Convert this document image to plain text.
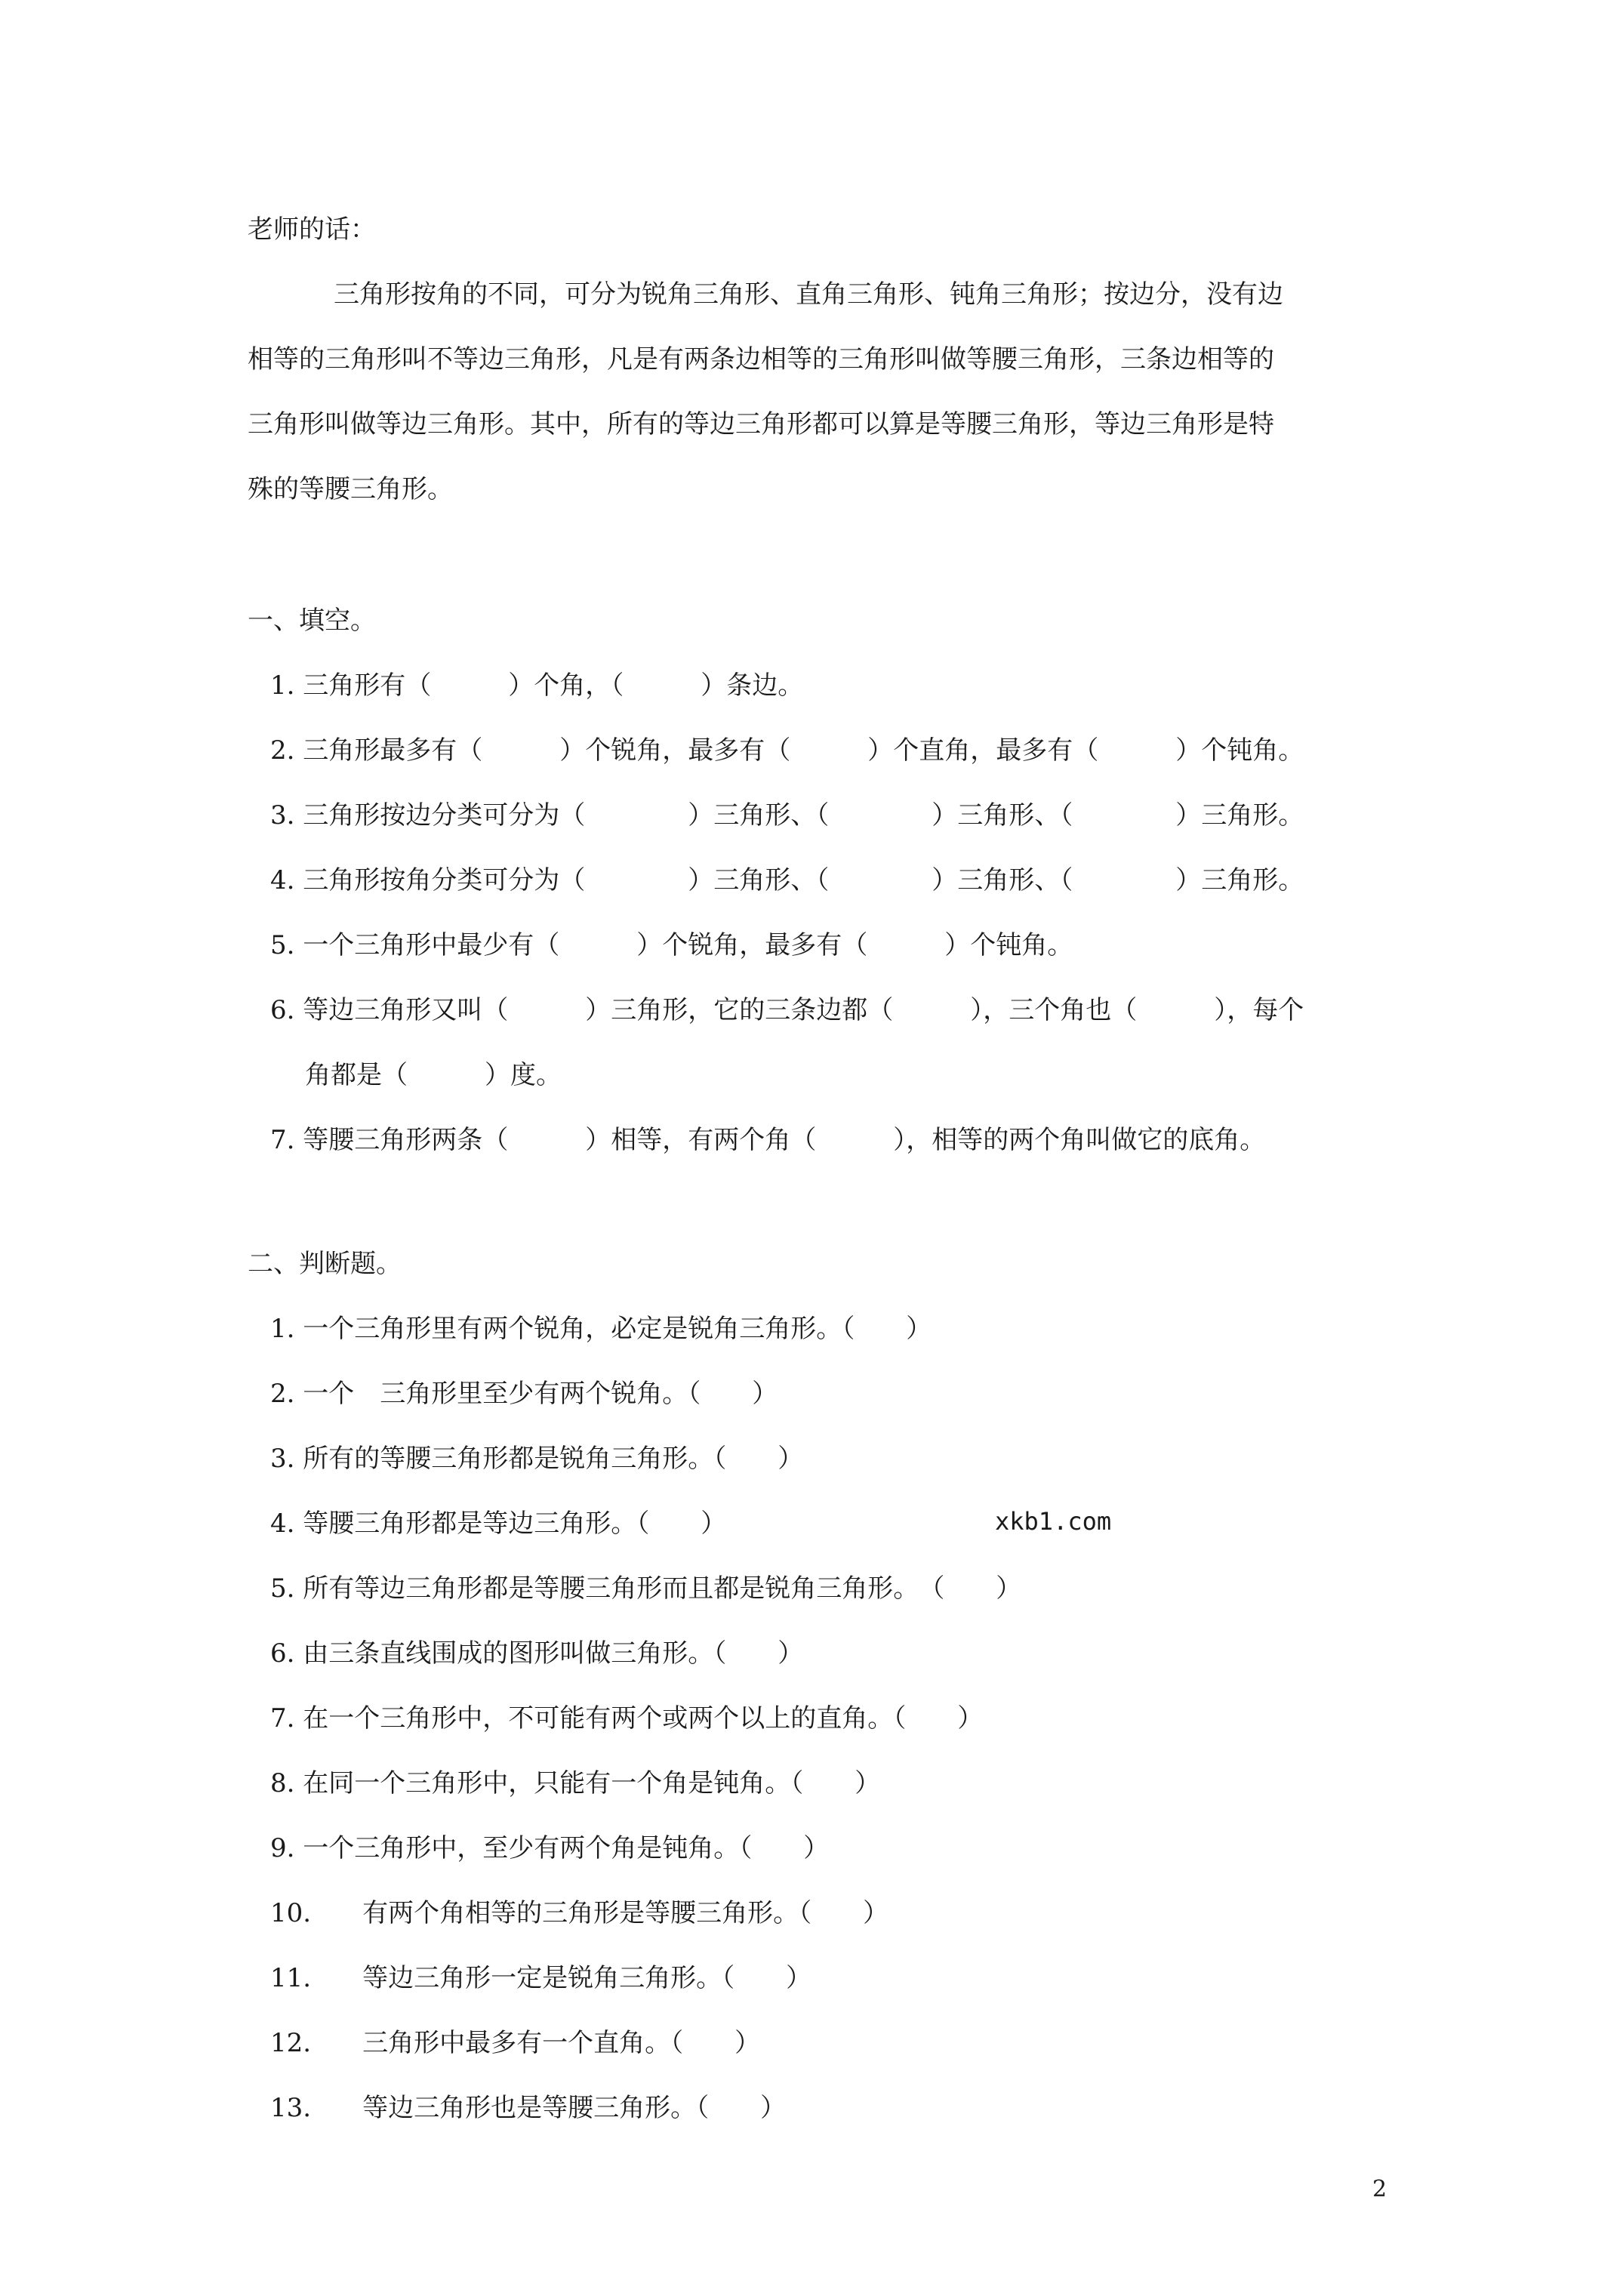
老师的话：
三角形按角的不同，可分为锐角三角形、直角三角形、钝角三角形；按边分，没有边
相等的三角形叫不等边三角形，凡是有两条边相等的三角形叫做等腰三角形，三条边相等的
三角形叫做等边三角形。其中，所有的等边三角形都可以算是等腰三角形，等边三角形是特
殊的等腰三角形。
一、填空。
1. 三角形有（　　　）个角，（　　　）条边。
2. 三角形最多有（　　　）个锐角，最多有（　　　）个直角，最多有（　　　）个钝角。
3. 三角形按边分类可分为（　　　　）三角形、（　　　　）三角形、（　　　　）三角形。
4. 三角形按角分类可分为（　　　　）三角形、（　　　　）三角形、（　　　　）三角形。
5. 一个三角形中最少有（　　　）个锐角，最多有（　　　）个钝角。
6. 等边三角形又叫（　　　）三角形，它的三条边都（　　　），三个角也（　　　），每个
角都是（　　　）度。
7. 等腰三角形两条（　　　）相等，有两个角（　　　），相等的两个角叫做它的底角。
二、判断题。
1. 一个三角形里有两个锐角，必定是锐角三角形。（　　）
2. 一个　三角形里至少有两个锐角。（　　）
3. 所有的等腰三角形都是锐角三角形。（　　）
4. 等腰三角形都是等边三角形。（　　）	xkb1.com
5. 所有等边三角形都是等腰三角形而且都是锐角三角形。　（　　）
6. 由三条直线围成的图形叫做三角形。（　　）
7. 在一个三角形中，不可能有两个或两个以上的直角。（　　）
8. 在同一个三角形中，只能有一个角是钝角。（　　）
9. 一个三角形中，至少有两个角是钝角。（　　）
10.　　有两个角相等的三角形是等腰三角形。（　　）
11.　　等边三角形一定是锐角三角形。（　　）
12.　　三角形中最多有一个直角。（　　）
13.　　等边三角形也是等腰三角形。（　　）
2
